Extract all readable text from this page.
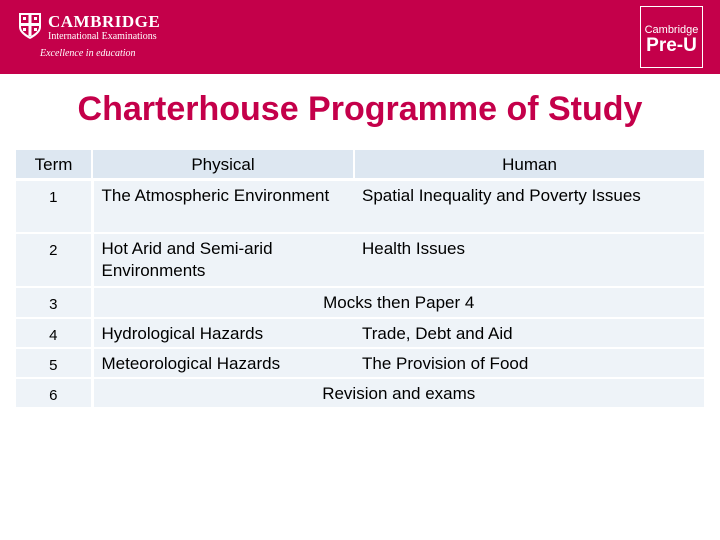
CAMBRIDGE
International Examinations
Excellence in education
Cambridge
Pre-U
Charterhouse Programme of Study
Term	Physical	Human
1	The Atmospheric Environment	Spatial Inequality and Poverty Issues
2	Hot Arid and Semi-arid Environments	Health Issues
3	Mocks then Paper 4	
4	Hydrological Hazards	Trade, Debt and Aid
5	Meteorological Hazards	The Provision of Food
6	Revision and exams	
